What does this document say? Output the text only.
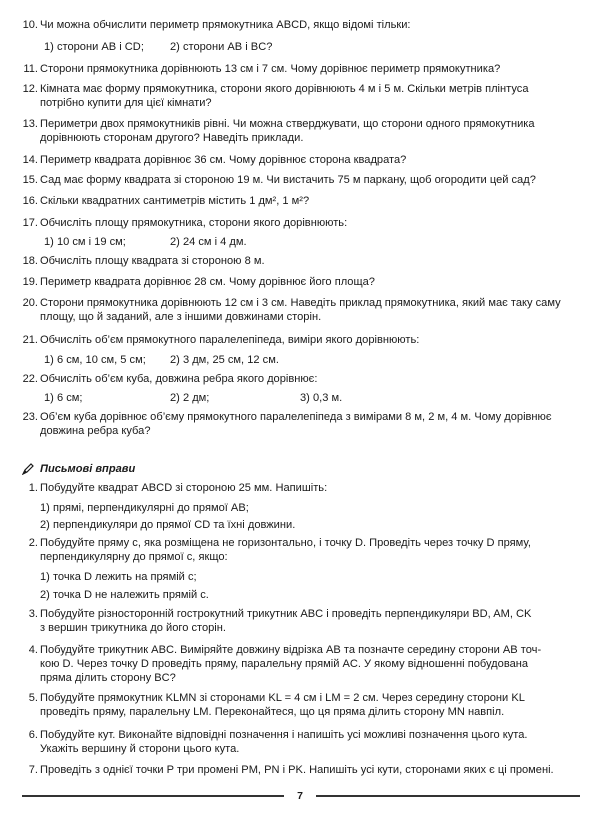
10. Чи можна обчислити периметр прямокутника ABCD, якщо відомі тільки:
1) сторони AB і CD; 2) сторони AB і BC?
11. Сторони прямокутника дорівнюють 13 см і 7 см. Чому дорівнює периметр прямокутника?
12. Кімната має форму прямокутника, сторони якого дорівнюють 4 м і 5 м. Скільки метрів плінтуса
потрібно купити для цієї кімнати?
13. Периметри двох прямокутників рівні. Чи можна стверджувати, що сторони одного прямокутника
дорівнюють сторонам другого? Наведіть приклади.
14. Периметр квадрата дорівнює 36 см. Чому дорівнює сторона квадрата?
15. Сад має форму квадрата зі стороною 19 м. Чи вистачить 75 м паркану, щоб огородити цей сад?
16. Скільки квадратних сантиметрів містить 1 дм², 1 м²?
17. Обчисліть площу прямокутника, сторони якого дорівнюють:
1) 10 см і 19 см;	2) 24 см і 4 дм.
18. Обчисліть площу квадрата зі стороною 8 м.
19. Периметр квадрата дорівнює 28 см. Чому дорівнює його площа?
20. Сторони прямокутника дорівнюють 12 см і 3 см. Наведіть приклад прямокутника, який має таку саму
площу, що й заданий, але з іншими довжинами сторін.
21. Обчисліть об’єм прямокутного паралелепіпеда, виміри якого дорівнюють:
1) 6 см, 10 см, 5 см; 2) 3 дм, 25 см, 12 см.
22. Обчисліть об’єм куба, довжина ребра якого дорівнює:
1) 6 см;	2) 2 дм;	3) 0,3 м.
23. Об’єм куба дорівнює об’єму прямокутного паралелепіпеда з вимірами 8 м, 2 м, 4 м. Чому дорівнює
довжина ребра куба?
Письмові вправи
1. Побудуйте квадрат ABCD зі стороною 25 мм. Напишіть:
1) прямі, перпендикулярні до прямої AB;
2) перпендикуляри до прямої CD та їхні довжини.
2. Побудуйте пряму c, яка розміщена не горизонтально, і точку D. Проведіть через точку D пряму,
перпендикулярну до прямої c, якщо:
1) точка D лежить на прямій c;
2) точка D не належить прямій c.
3. Побудуйте різносторонній гострокутний трикутник ABC і проведіть перпендикуляри BD, AM, CK
з вершин трикутника до його сторін.
4. Побудуйте трикутник ABC. Виміряйте довжину відрізка AB та позначте середину сторони AB точ-
кою D. Через точку D проведіть пряму, паралельну прямій AC. У якому відношенні побудована
пряма ділить сторону BC?
5. Побудуйте прямокутник KLMN зі сторонами KL = 4 см і LM = 2 см. Через середину сторони KL
проведіть пряму, паралельну LM. Переконайтеся, що ця пряма ділить сторону MN навпіл.
6. Побудуйте кут. Виконайте відповідні позначення і напишіть усі можливі позначення цього кута.
Укажіть вершину й сторони цього кута.
7. Проведіть з однієї точки P три промені PM, PN і PK. Напишіть усі кути, сторонами яких є ці промені.
7
